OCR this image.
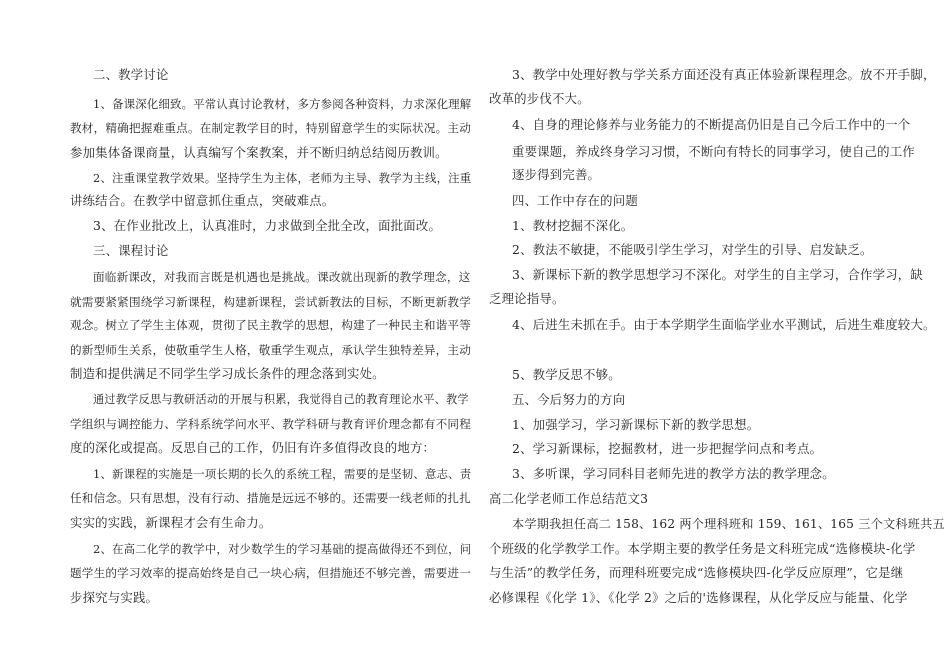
二、教学讨论
1、备课深化细致。平常认真讨论教材，多方参阅各种资料，力求深化理解
教材，精确把握难重点。在制定教学目的时，特别留意学生的实际状况。主动
参加集体备课商量，认真编写个案教案，并不断归纳总结阅历教训。
2、注重课堂教学效果。坚持学生为主体，老师为主导、教学为主线，注重
讲练结合。在教学中留意抓住重点，突破难点。
3、在作业批改上，认真准时，力求做到全批全改，面批面改。
三、课程讨论
面临新课改，对我而言既是机遇也是挑战。课改就出现新的教学理念，这
就需要紧紧围绕学习新课程，构建新课程，尝试新教法的目标，不断更新教学
观念。树立了学生主体观，贯彻了民主教学的思想，构建了一种民主和谐平等
的新型师生关系，使敬重学生人格，敬重学生观点，承认学生独特差异，主动
制造和提供满足不同学生学习成长条件的理念落到实处。
通过教学反思与教研活动的开展与积累，我觉得自己的教育理论水平、教学
学组织与调控能力、学科系统学问水平、教学科研与教育评价理念都有不同程
度的深化或提高。反思自己的工作，仍旧有许多值得改良的地方：
1、新课程的实施是一项长期的长久的系统工程，需要的是坚韧、意志、责
任和信念。只有思想，没有行动、措施是远远不够的。还需要一线老师的扎扎
实实的实践，新课程才会有生命力。
2、在高二化学的教学中，对少数学生的学习基础的提高做得还不到位，问
题学生的学习效率的提高始终是自己一块心病，但措施还不够完善，需要进一
步探究与实践。
3、教学中处理好教与学关系方面还没有真正体验新课程理念。放不开手脚，
改革的步伐不大。
4、自身的理论修养与业务能力的不断提高仍旧是自己今后工作中的一个
重要课题，养成终身学习习惯，不断向有特长的同事学习，使自己的工作
逐步得到完善。
四、工作中存在的问题
1、教材挖掘不深化。
2、教法不敏捷，不能吸引学生学习，对学生的引导、启发缺乏。
3、新课标下新的教学思想学习不深化。对学生的自主学习，合作学习，缺
乏理论指导。
4、后进生未抓在手。由于本学期学生面临学业水平测试，后进生难度较大。
5、教学反思不够。
五、今后努力的方向
1、加强学习，学习新课标下新的教学思想。
2、学习新课标，挖掘教材，进一步把握学问点和考点。
3、多听课，学习同科目老师先进的教学方法的教学理念。
高二化学老师工作总结范文3
本学期我担任高二 158、162 两个理科班和 159、161、165 三个文科班共五
个班级的化学教学工作。本学期主要的教学任务是文科班完成“选修模块-化学
与生活”的教学任务，而理科班要完成“选修模块四-化学反应原理”，它是继
必修课程《化学 1》、《化学 2》之后的'选修课程，从化学反应与能量、化学
